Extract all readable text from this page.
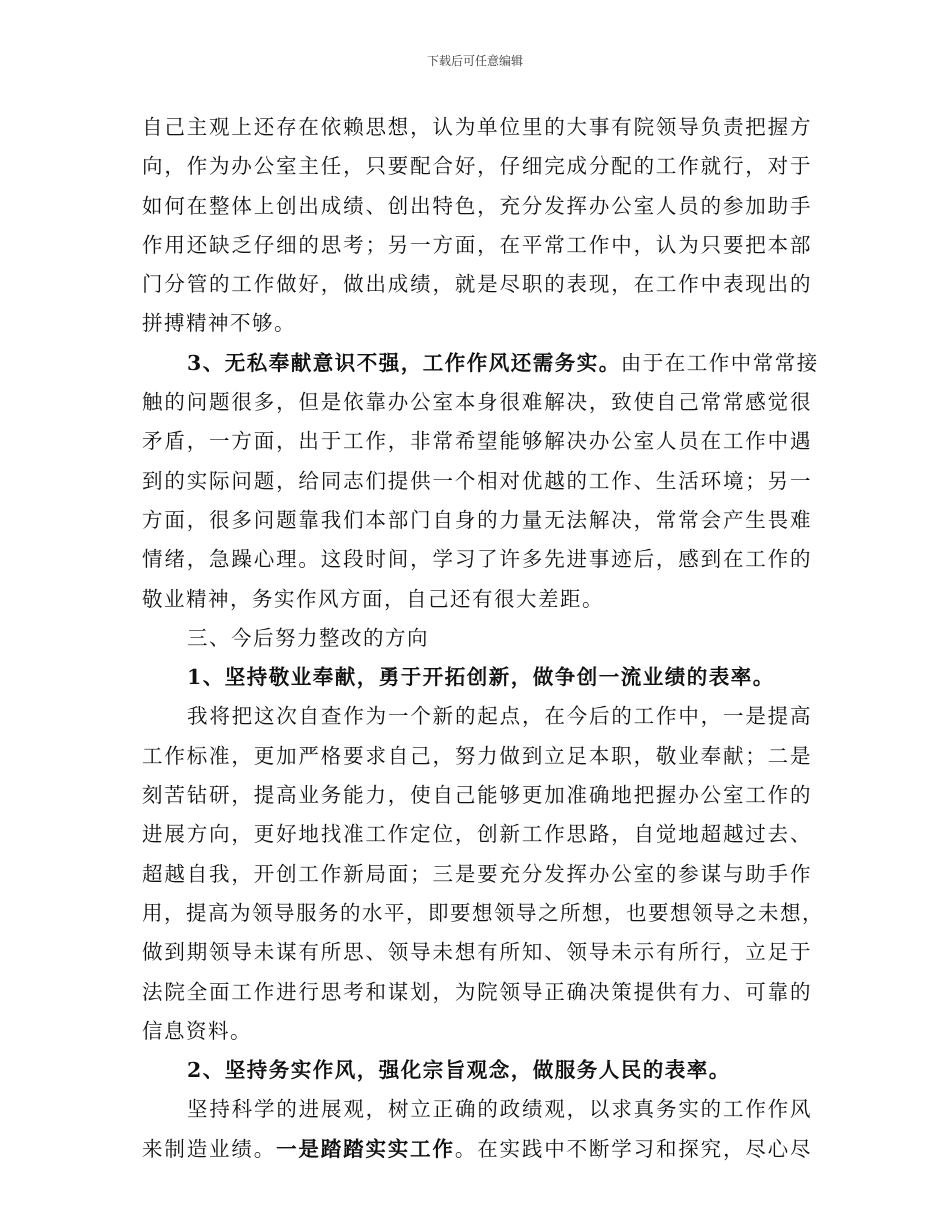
下载后可任意编辑
自己主观上还存在依赖思想，认为单位里的大事有院领导负责把握方
向，作为办公室主任，只要配合好，仔细完成分配的工作就行，对于
如何在整体上创出成绩、创出特色，充分发挥办公室人员的参加助手
作用还缺乏仔细的思考；另一方面，在平常工作中，认为只要把本部
门分管的工作做好，做出成绩，就是尽职的表现，在工作中表现出的
拼搏精神不够。
3、无私奉献意识不强，工作作风还需务实。由于在工作中常常接
触的问题很多，但是依靠办公室本身很难解决，致使自己常常感觉很
矛盾，一方面，出于工作，非常希望能够解决办公室人员在工作中遇
到的实际问题，给同志们提供一个相对优越的工作、生活环境；另一
方面，很多问题靠我们本部门自身的力量无法解决，常常会产生畏难
情绪，急躁心理。这段时间，学习了许多先进事迹后，感到在工作的
敬业精神，务实作风方面，自己还有很大差距。
三、今后努力整改的方向
1、坚持敬业奉献，勇于开拓创新，做争创一流业绩的表率。
我将把这次自查作为一个新的起点，在今后的工作中，一是提高
工作标准，更加严格要求自己，努力做到立足本职，敬业奉献；二是
刻苦钻研，提高业务能力，使自己能够更加准确地把握办公室工作的
进展方向，更好地找准工作定位，创新工作思路，自觉地超越过去、
超越自我，开创工作新局面；三是要充分发挥办公室的参谋与助手作
用，提高为领导服务的水平，即要想领导之所想，也要想领导之未想，
做到期领导未谋有所思、领导未想有所知、领导未示有所行，立足于
法院全面工作进行思考和谋划，为院领导正确决策提供有力、可靠的
信息资料。
2、坚持务实作风，强化宗旨观念，做服务人民的表率。
坚持科学的进展观，树立正确的政绩观，以求真务实的工作作风
来制造业绩。一是踏踏实实工作。在实践中不断学习和探究，尽心尽
